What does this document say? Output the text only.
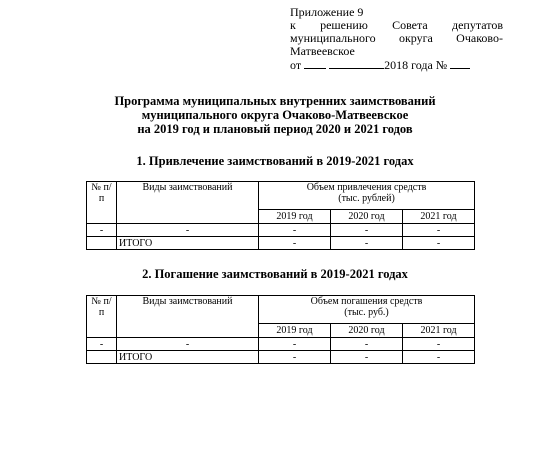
Приложение 9
к решению Совета депутатов
муниципального округа Очаково-
Матвеевское
от	2018 года №
Программа муниципальных внутренних заимствований
муниципального округа Очаково-Матвеевское
на 2019 год и плановый период 2020 и 2021 годов
1. Привлечение заимствований в 2019-2021 годах
№ п/п	Виды заимствований	Объем привлечения средств
(тыс. рублей)		

		2019 год	2020 год	2021 год
-	-	-	-	-
	ИТОГО	-	-	-
2. Погашение заимствований в 2019-2021 годах
№ п/п	Виды заимствований	Объем погашения средств
(тыс. руб.)		

		2019 год	2020 год	2021 год
-	-	-	-	-
	ИТОГО	-	-	-
